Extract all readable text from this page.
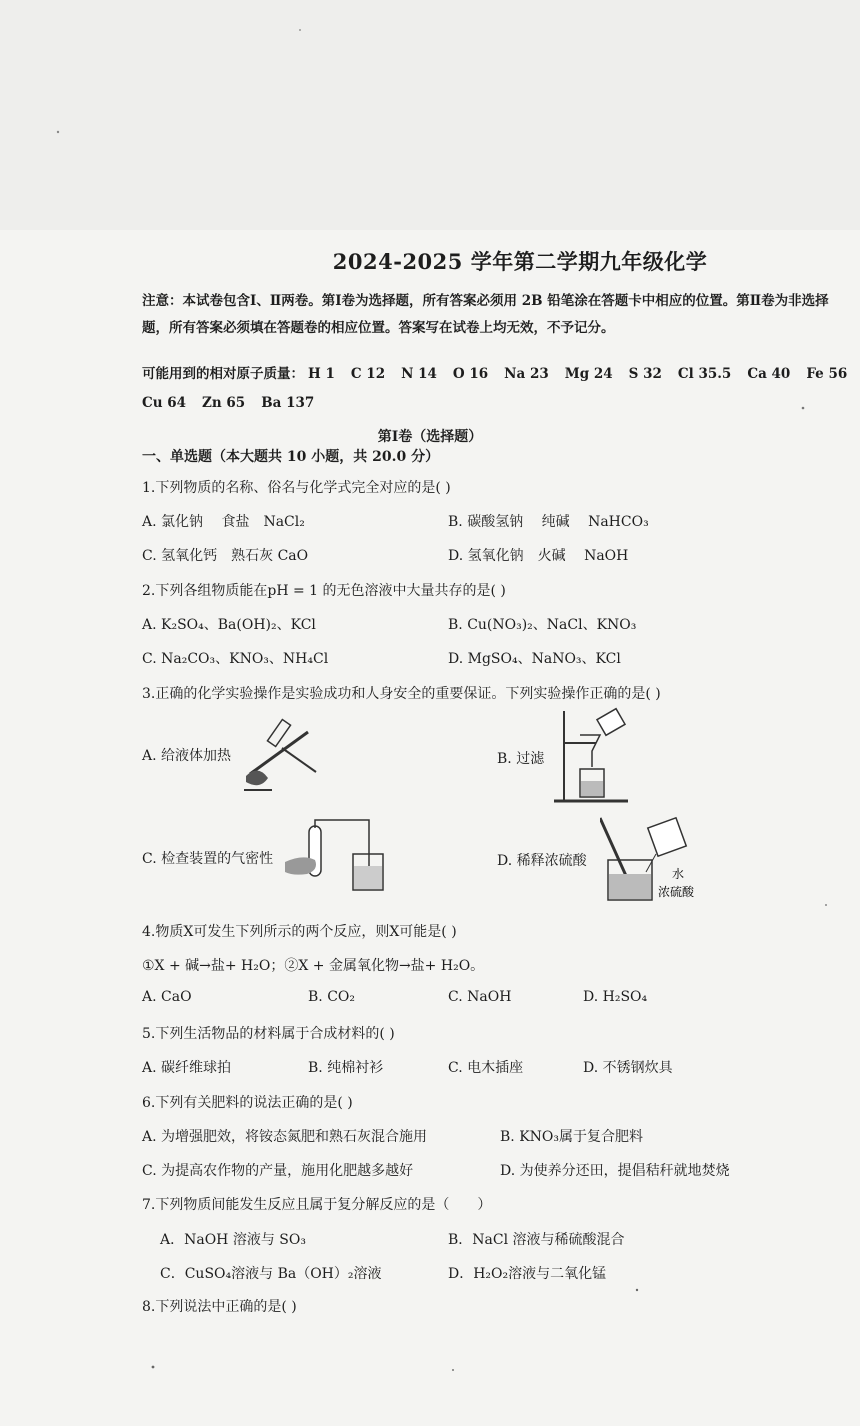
2024-2025 学年第二学期九年级化学
注意：本试卷包含Ⅰ、Ⅱ两卷。第Ⅰ卷为选择题，所有答案必须用 2B 铅笔涂在答题卡中相应的位置。第Ⅱ卷为非选择题，所有答案必须填在答题卷的相应位置。答案写在试卷上均无效，不予记分。
可能用到的相对原子质量： H 1 C 12 N 14 O 16 Na 23 Mg 24 S 32 Cl 35.5 Ca 40 Fe 56
Cu 64 Zn 65 Ba 137
第Ⅰ卷（选择题）
一、单选题（本大题共 10 小题，共 20.0 分）
1.下列物质的名称、俗名与化学式完全对应的是( )
A. 氯化钠　 食盐　NaCl₂	B. 碳酸氢钠　 纯碱　 NaHCO₃
C. 氢氧化钙　熟石灰 CaO	D. 氢氧化钠　火碱　 NaOH
2.下列各组物质能在pH = 1 的无色溶液中大量共存的是( )
A. K₂SO₄、Ba(OH)₂、KCl	B. Cu(NO₃)₂、NaCl、KNO₃
C. Na₂CO₃、KNO₃、NH₄Cl	D. MgSO₄、NaNO₃、KCl
3.正确的化学实验操作是实验成功和人身安全的重要保证。下列实验操作正确的是( )
A. 给液体加热	B. 过滤
C. 检查装置的气密性	D. 稀释浓硫酸
水
浓硫酸
4.物质X可发生下列所示的两个反应，则X可能是( )
①X + 碱→盐+ H₂O；②X + 金属氧化物→盐+ H₂O。
A. CaO	B. CO₂	C. NaOH	D. H₂SO₄
5.下列生活物品的材料属于合成材料的( )
A. 碳纤维球拍	B. 纯棉衬衫	C. 电木插座	D. 不锈钢炊具
6.下列有关肥料的说法正确的是( )
A. 为增强肥效，将铵态氮肥和熟石灰混合施用	B. KNO₃属于复合肥料
C. 为提高农作物的产量，施用化肥越多越好	D. 为使养分还田，提倡秸秆就地焚烧
7.下列物质间能发生反应且属于复分解反应的是（　　）
A．NaOH 溶液与 SO₃	B．NaCl 溶液与稀硫酸混合
C．CuSO₄溶液与 Ba（OH）₂溶液	D．H₂O₂溶液与二氧化锰
8.下列说法中正确的是( )
